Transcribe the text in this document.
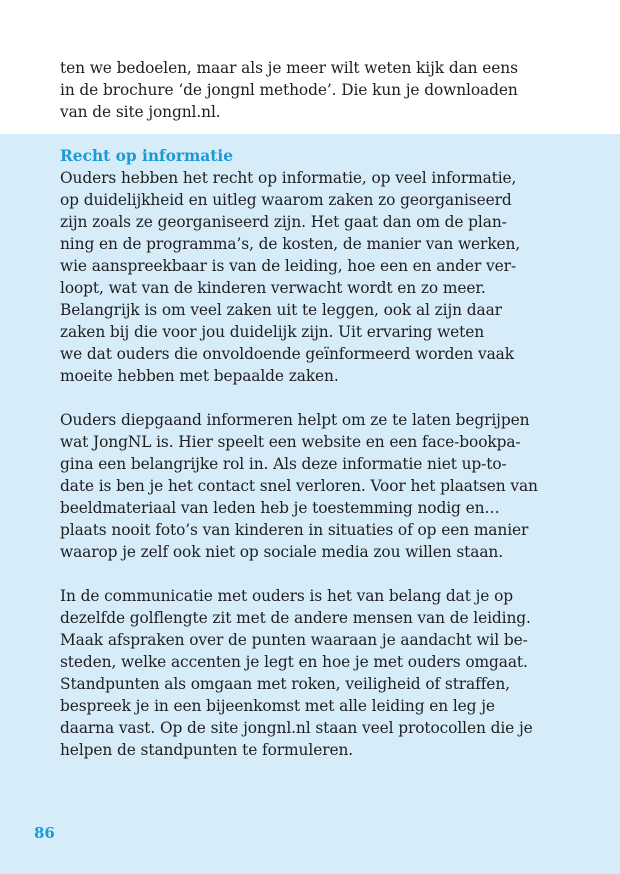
ten we bedoelen, maar als je meer wilt weten kijk dan eens
in de brochure ‘de jongnl methode’. Die kun je downloaden
van de site jongnl.nl.
Recht op informatie
Ouders hebben het recht op informatie, op veel informatie,
op duidelijkheid en uitleg waarom zaken zo georganiseerd
zijn zoals ze georganiseerd zijn. Het gaat dan om de plan-
ning en de programma’s, de kosten, de manier van werken,
wie aanspreekbaar is van de leiding, hoe een en ander ver-
loopt, wat van de kinderen verwacht wordt en zo meer.
Belangrijk is om veel zaken uit te leggen, ook al zijn daar
zaken bij die voor jou duidelijk zijn. Uit ervaring weten
we dat ouders die onvoldoende geïnformeerd worden vaak
moeite hebben met bepaalde zaken.
Ouders diepgaand informeren helpt om ze te laten begrijpen
wat JongNL is. Hier speelt een website en een face-bookpa-
gina een belangrijke rol in. Als deze informatie niet up-to-
date is ben je het contact snel verloren. Voor het plaatsen van
beeldmateriaal van leden heb je toestemming nodig en…
plaats nooit foto’s van kinderen in situaties of op een manier
waarop je zelf ook niet op sociale media zou willen staan.
In de communicatie met ouders is het van belang dat je op
dezelfde golflengte zit met de andere mensen van de leiding.
Maak afspraken over de punten waaraan je aandacht wil be-
steden, welke accenten je legt en hoe je met ouders omgaat.
Standpunten als omgaan met roken, veiligheid of straffen,
bespreek je in een bijeenkomst met alle leiding en leg je
daarna vast. Op de site jongnl.nl staan veel protocollen die je
helpen de standpunten te formuleren.
86
